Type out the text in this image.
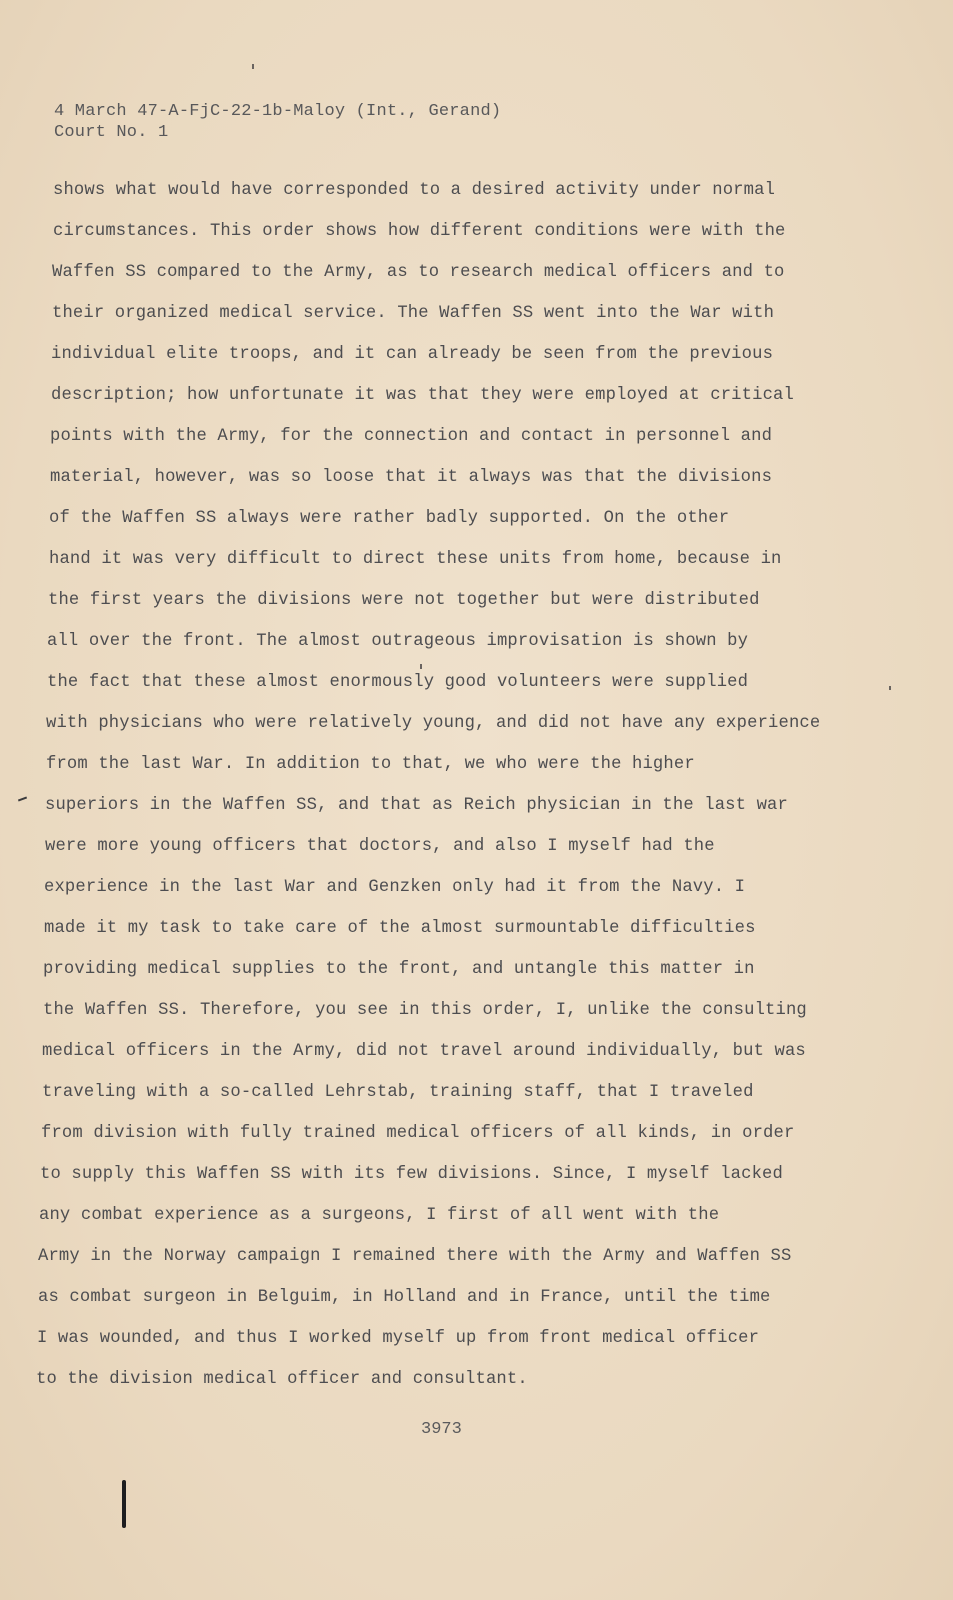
4 March 47-A-FjC-22-1b-Maloy (Int., Gerand)
Court No. 1
shows what would have corresponded to a desired activity under normal
circumstances. This order shows how different conditions were with the
Waffen SS compared to the Army, as to research medical officers and to
their organized medical service. The Waffen SS went into the War with
individual elite troops, and it can already be seen from the previous
description; how unfortunate it was that they were employed at critical
points with the Army, for the connection and contact in personnel and
material, however, was so loose that it always was that the divisions
of the Waffen SS always were rather badly supported. On the other
hand it was very difficult to direct these units from home, because in
the first years the divisions were not together but were distributed
all over the front. The almost outrageous improvisation is shown by
the fact that these almost enormously good volunteers were supplied
with physicians who were relatively young, and did not have any experience
from the last War. In addition to that, we who were the higher
superiors in the Waffen SS, and that as Reich physician in the last war
were more young officers that doctors, and also I myself had the
experience in the last War and Genzken only had it from the Navy. I
made it my task to take care of the almost surmountable difficulties
providing medical supplies to the front, and untangle this matter in
the Waffen SS. Therefore, you see in this order, I, unlike the consulting
medical officers in the Army, did not travel around individually, but was
traveling with a so-called Lehrstab, training staff, that I traveled
from division with fully trained medical officers of all kinds, in order
to supply this Waffen SS with its few divisions. Since, I myself lacked
any combat experience as a surgeons, I first of all went with the
Army in the Norway campaign I remained there with the Army and Waffen SS
as combat surgeon in Belguim, in Holland and in France, until the time
I was wounded, and thus I worked myself up from front medical officer
to the division medical officer and consultant.
3973
